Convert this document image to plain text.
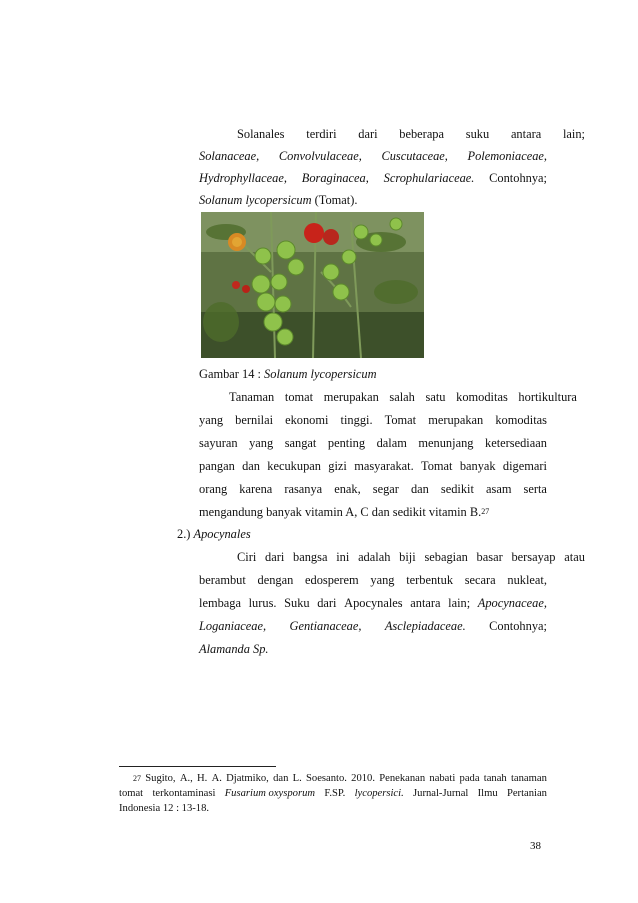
Solanales terdiri dari beberapa suku antara lain;
Solanaceae, Convolvulaceae, Cuscutaceae, Polemoniaceae,
Hydrophyllaceae, Boraginacea, Scrophulariaceae. Contohnya;
Solanum lycopersicum
(Tomat).
Gambar 14 : Solanum lycopersicum
Tanaman tomat merupakan salah satu komoditas hortikultura
yang bernilai ekonomi tinggi. Tomat merupakan komoditas
sayuran yang sangat penting dalam menunjang ketersediaan
pangan dan kecukupan gizi masyarakat. Tomat banyak digemari
orang karena rasanya enak, segar dan sedikit asam serta
mengandung banyak vitamin A, C dan sedikit vitamin B. 27
2.)
Apocynales
Ciri dari bangsa ini adalah biji sebagian basar bersayap atau
berambut dengan edosperem yang terbentuk secara nukleat,
lembaga lurus. Suku dari Apocynales antara lain; Apocynaceae,
Loganiaceae, Gentianaceae, Asclepiadaceae. Contohnya;
Alamanda Sp.
$^{27}$ Sugito, A., H. A. Djatmiko, dan L. Soesanto. 2010. Penekanan nabati pada tanah tanaman
tomat terkontaminasi Fusarium oxysporum F.SP. lycopersici. Jurnal-Jurnal Ilmu Pertanian
Indonesia 12 : 13-18.
38
